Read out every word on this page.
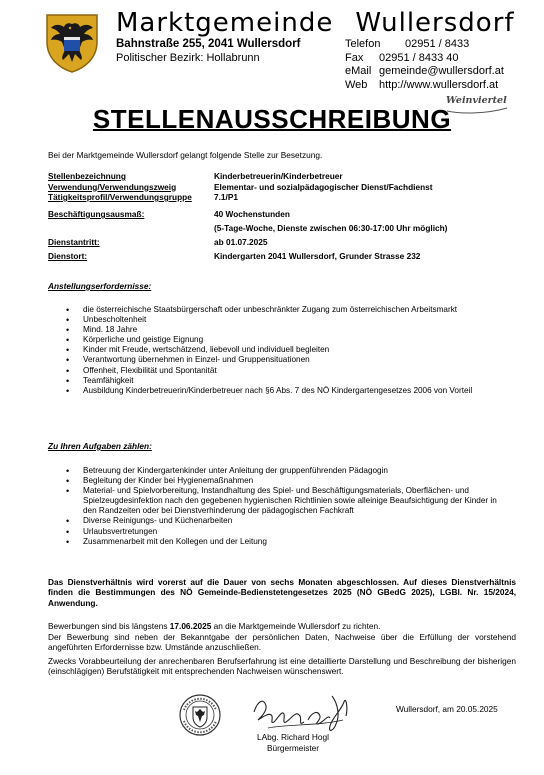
Marktgemeinde Wullersdorf
Bahnstraße 255, 2041 Wullersdorf
Politischer Bezirk: Hollabrunn
Telefon	02951 / 8433
Fax	02951 / 8433 40
eMail gemeinde@wullersdorf.at
Web	http://www.wullersdorf.at
Weinviertel
STELLENAUSSCHREIBUNG
Bei der Marktgemeinde Wullersdorf gelangt folgende Stelle zur Besetzung.
Stellenbezeichnung	Kinderbetreuerin/Kinderbetreuer
Verwendung/Verwendungszweig	Elementar- und sozialpädagogischer Dienst/Fachdienst
Tätigkeitsprofil/Verwendungsgruppe	7.1/P1
Beschäftigungsausmaß:	40 Wochenstunden
(5-Tage-Woche, Dienste zwischen 06:30-17:00 Uhr möglich)
Dienstantritt:	ab 01.07.2025
Dienstort:	Kindergarten 2041 Wullersdorf, Grunder Strasse 232
Anstellungserfordernisse:
• die österreichische Staatsbürgerschaft oder unbeschränkter Zugang zum österreichischen Arbeitsmarkt
• Unbescholtenheit
• Mind. 18 Jahre
• Körperliche und geistige Eignung
• Kinder mit Freude, wertschätzend, liebevoll und individuell begleiten
• Verantwortung übernehmen in Einzel- und Gruppensituationen
• Offenheit, Flexibilität und Spontanität
• Teamfähigkeit
• Ausbildung Kinderbetreuerin/Kinderbetreuer nach §6 Abs. 7 des NÖ Kindergartengesetzes 2006 von Vorteil
Zu Ihren Aufgaben zählen:
• Betreuung der Kindergartenkinder unter Anleitung der gruppenführenden Pädagogin
• Begleitung der Kinder bei Hygienemaßnahmen
• Material- und Spielvorbereitung, Instandhaltung des Spiel- und Beschäftigungsmaterials, Oberflächen- und Spielzeugdesinfektion nach den gegebenen hygienischen Richtlinien sowie alleinige Beaufsichtigung der Kinder in den Randzeiten oder bei Dienstverhinderung der pädagogischen Fachkraft
• Diverse Reinigungs- und Küchenarbeiten
• Urlaubsvertretungen
• Zusammenarbeit mit den Kollegen und der Leitung
Das Dienstverhältnis wird vorerst auf die Dauer von sechs Monaten abgeschlossen. Auf dieses Dienstverhältnis finden die Bestimmungen des NÖ Gemeinde-Bedienstetengesetzes 2025 (NÖ GBedG 2025), LGBl. Nr. 15/2024, Anwendung.
Bewerbungen sind bis längstens 17.06.2025 an die Marktgemeinde Wullersdorf zu richten.
Der Bewerbung sind neben der Bekanntgabe der persönlichen Daten, Nachweise über die Erfüllung der vorstehend angeführten Erfordernisse bzw. Umstände anzuschließen.
Zwecks Vorabbeurteilung der anrechenbaren Berufserfahrung ist eine detaillierte Darstellung und Beschreibung der bisherigen (einschlägigen) Berufstätigkeit mit entsprechenden Nachweisen wünschenswert.
Wullersdorf, am 20.05.2025
LAbg. Richard Hogl
Bürgermeister
